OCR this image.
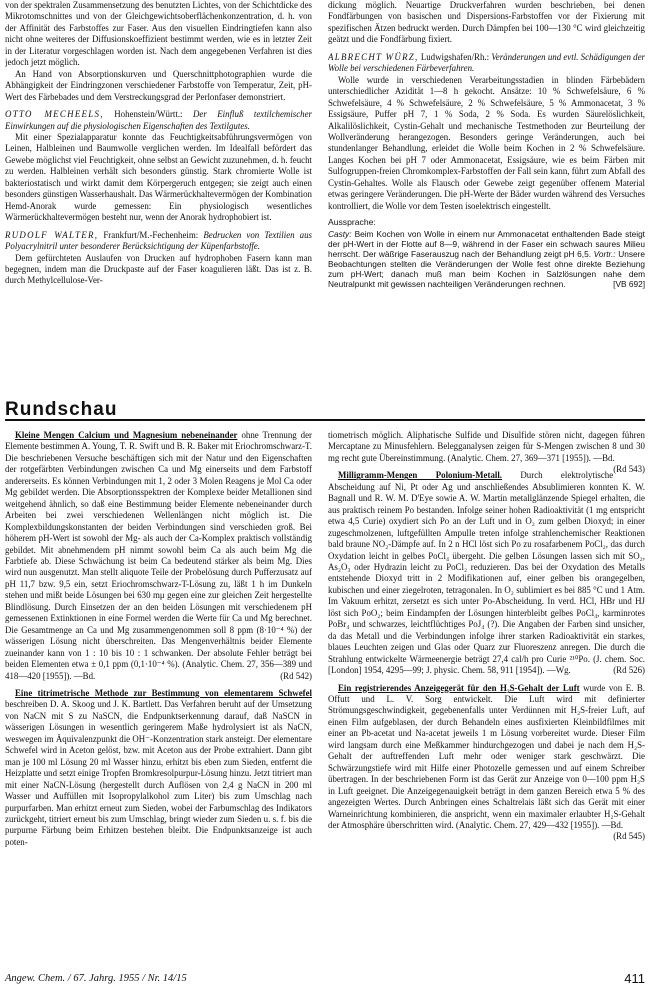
von der spektralen Zusammensetzung des benutzten Lichtes, von der Schichtdicke des Mikrotomschnittes und von der Gleichgewichtsoberflächenkonzentration, d. h. von der Affinität des Farbstoffes zur Faser. Aus den visuellen Eindringtiefen kann also nicht ohne weiteres der Diffusionskoeffizient bestimmt werden, wie es in letzter Zeit in der Literatur vorgeschlagen worden ist. Nach dem angegebenen Verfahren ist dies jedoch jetzt möglich.

An Hand von Absorptionskurven und Querschnittphotographien wurde die Abhängigkeit der Eindringzonen verschiedener Farbstoffe von Temperatur, Zeit, pH-Wert des Färbebades und dem Verstreckungsgrad der Perlonfaser demonstriert.

OTTO MECHEELS, Hohenstein/Württ.: Der Einfluß textilchemischer Einwirkungen auf die physiologischen Eigenschaften des Textilgutes.

Mit einer Spezialapparatur konnte das Feuchtigkeitsabführungsvermögen von Leinen, Halbleinen und Baumwolle verglichen werden. Im Idealfall befördert das Gewebe möglichst viel Feuchtigkeit, ohne selbst an Gewicht zuzunehmen, d. h. feucht zu werden. Halbleinen verhält sich besonders günstig. Stark chromierte Wolle ist bakteriostatisch und wirkt damit dem Körpergeruch entgegen; sie zeigt auch einen besonders günstigen Wasserhaushalt. Das Wärmerückhaltevermögen der Kombination Hemd-Anorak wurde gemessen: Ein physiologisch wesentliches Wärmerückhaltevermögen besteht nur, wenn der Anorak hydrophobiert ist.

RUDOLF WALTER, Frankfurt/M.-Fechenheim: Bedrucken von Textilien aus Polyacrylnitril unter besonderer Berücksichtigung der Küpenfarbstoffe.

Dem gefürchteten Auslaufen von Drucken auf hydrophoben Fasern kann man begegnen, indem man die Druckpaste auf der Faser koagulieren läßt. Das ist z. B. durch Methylcellulose-Ver-

dickung möglich. Neuartige Druckverfahren wurden beschrieben, bei denen Fondfärbungen von basischen und Dispersions-Farbstoffen vor der Fixierung mit spezifischen Ätzen bedruckt werden. Durch Dämpfen bei 100—130 °C wird gleichzeitig geätzt und die Fondfärbung fixiert.

ALBRECHT WÜRZ, Ludwigshafen/Rh.: Veränderungen und evtl. Schädigungen der Wolle bei verschiedenen Färbeverfahren.

Wolle wurde in verschiedenen Verarbeitungsstadien in blinden Färbebädern unterschiedlicher Azidität 1—8 h gekocht. Ansätze: 10 % Schwefelsäure, 6 % Schwefelsäure, 4 % Schwefelsäure, 2 % Schwefelsäure, 5 % Ammonacetat, 3 % Essigsäure, Puffer pH 7, 1 % Soda, 2 % Soda. Es wurden Säurelöslichkeit, Alkalilöslichkeit, Cystin-Gehalt und mechanische Testmethoden zur Beurteilung der Wollveränderung herangezogen. Besonders geringe Veränderungen, auch bei stundenlanger Behandlung, erleidet die Wolle beim Kochen in 2 % Schwefelsäure. Langes Kochen bei pH 7 oder Ammonacetat, Essigsäure, wie es beim Färben mit Sulfogruppen-freien Chromkomplex-Farbstoffen der Fall sein kann, führt zum Abfall des Cystin-Gehaltes. Wolle als Flausch oder Gewebe zeigt gegenüber offenem Material etwas geringere Veränderungen. Die pH-Werte der Bäder wurden während des Versuches kontrolliert, die Wolle vor dem Testen isoelektrisch eingestellt.

Aussprache:

Casty: Beim Kochen von Wolle in einem nur Ammonacetat enthaltenden Bade steigt der pH-Wert in der Flotte auf 8—9, während in der Faser ein schwach saures Milieu herrscht. Der wäßrige Faserauszug nach der Behandlung zeigt pH 6,5. Vortr.: Unsere Beobachtungen stellten die Veränderungen der Wolle fest ohne direkte Beziehung zum pH-Wert; danach muß man beim Kochen in Salzlösungen nahe dem Neutralpunkt mit gewissen nachteiligen Veränderungen rechnen.	[VB 692]
Rundschau

Kleine Mengen Calcium und Magnesium nebeneinander ohne Trennung der Elemente bestimmen A. Young, T. R. Swift und B. R. Baker mit Eriochromschwarz-T. Die beschriebenen Versuche beschäftigen sich mit der Natur und den Eigenschaften der rotgefärbten Verbindungen zwischen Ca und Mg einerseits und dem Farbstoff andererseits. Es können Verbindungen mit 1, 2 oder 3 Molen Reagens je Mol Ca oder Mg gebildet werden. Die Absorptionsspektren der Komplexe beider Metallionen sind weitgehend ähnlich, so daß eine Bestimmung beider Elemente nebeneinander durch Arbeiten bei zwei verschiedenen Wellenlängen nicht möglich ist. Die Komplexbildungskonstanten der beiden Verbindungen sind verschieden groß. Bei höherem pH-Wert ist sowohl der Mg- als auch der Ca-Komplex praktisch vollständig gebildet. Mit abnehmendem pH nimmt sowohl beim Ca als auch beim Mg die Farbtiefe ab. Diese Schwächung ist beim Ca bedeutend stärker als beim Mg. Dies wird nun ausgenutzt. Man stellt aliquote Teile der Probelösung durch Pufferzusatz auf pH 11,7 bzw. 9,5 ein, setzt Eriochromschwarz-T-Lösung zu, läßt 1 h im Dunkeln stehen und mißt beide Lösungen bei 630 mμ gegen eine zur gleichen Zeit hergestellte Blindlösung. Durch Einsetzen der an den beiden Lösungen mit verschiedenem pH gemessenen Extinktionen in eine Formel werden die Werte für Ca und Mg berechnet. Die Gesamtmenge an Ca und Mg zusammengenommen soll 8 ppm (8·10⁻⁴ %) der wässerigen Lösung nicht überschreiten. Das Mengenverhältnis beider Elemente zueinander kann von 1 : 10 bis 10 : 1 schwanken. Der absolute Fehler beträgt bei beiden Elementen etwa ± 0,1 ppm (0,1·10⁻⁴ %). (Analytic. Chem. 27, 356—389 und 418—420 [1955]). —Bd.	(Rd 542)

Eine titrimetrische Methode zur Bestimmung von elementarem Schwefel beschreiben D. A. Skoog und J. K. Bartlett. Das Verfahren beruht auf der Umsetzung von NaCN mit S zu NaSCN, die Endpunktserkennung darauf, daß NaSCN in wässerigen Lösungen in wesentlich geringerem Maße hydrolysiert ist als NaCN, weswegen im Äquivalenzpunkt die OH⁻-Konzentration stark ansteigt. Der elementare Schwefel wird in Aceton gelöst, bzw. mit Aceton aus der Probe extrahiert. Dann gibt man je 100 ml Lösung 20 ml Wasser hinzu, erhitzt bis eben zum Sieden, entfernt die Heizplatte und setzt einige Tropfen Bromkresolpurpur-Lösung hinzu. Jetzt titriert man mit einer NaCN-Lösung (hergestellt durch Auflösen von 2,4 g NaCN in 200 ml Wasser und Auffüllen mit Isopropylalkohol zum Liter) bis zum Umschlag nach purpurfarben. Man erhitzt erneut zum Sieden, wobei der Farbumschlag des Indikators zurückgeht, titriert erneut bis zum Umschlag, bringt wieder zum Sieden u. s. f. bis die purpurne Färbung beim Erhitzen bestehen bleibt. Die Endpunktsanzeige ist auch poten-

tiometrisch möglich. Aliphatische Sulfide und Disulfide stören nicht, dagegen führen Mercaptane zu Minusfehlern. Belegganalysen zeigen für S-Mengen zwischen 8 und 30 mg recht gute Übereinstimmung. (Analytic. Chem. 27, 369—371 [1955]). —Bd.
(Rd 543)

Milligramm-Mengen Polonium-Metall. Durch elektrolytische Abscheidung auf Ni, Pt oder Ag und anschließendes Absublimieren konnten K. W. Bagnall und R. W. M. D'Eye sowie A. W. Martin metallglänzende Spiegel erhalten, die aus praktisch reinem Po bestanden. Infolge seiner hohen Radioaktivität (1 mg entspricht etwa 4,5 Curie) oxydiert sich Po an der Luft und in O₂ zum gelben Dioxyd; in einer zugeschmolzenen, luftgefüllten Ampulle treten infolge strahlenchemischer Reaktionen bald braune NO₂-Dämpfe auf. In 2 n HCl löst sich Po zu rosafarbenem PoCl₂, das durch Oxydation leicht in gelbes PoCl₄ übergeht. Die gelben Lösungen lassen sich mit SO₂, As₂O₃ oder Hydrazin leicht zu PoCl₂ reduzieren. Das bei der Oxydation des Metalls entstehende Dioxyd tritt in 2 Modifikationen auf, einer gelben bis orangegelben, kubischen und einer ziegelroten, tetragonalen. In O₂ sublimiert es bei 885 °C und 1 Atm. Im Vakuum erhitzt, zersetzt es sich unter Po-Abscheidung. In verd. HCl, HBr und HJ löst sich PoO₂; beim Eindampfen der Lösungen hinterbleibt gelbes PoCl₄, karminrotes PoBr₄ und schwarzes, leichtflüchtiges PoJ₄ (?). Die Angaben der Farben sind unsicher, da das Metall und die Verbindungen infolge ihrer starken Radioaktivität ein starkes, blaues Leuchten zeigen und Glas oder Quarz zur Fluoreszenz anregen. Die durch die Strahlung entwickelte Wärmeenergie beträgt 27,4 cal/h pro Curie ²¹⁰Po. (J. chem. Soc. [London] 1954, 4295—99; J. physic. Chem. 58, 911 [1954]). —Wg.	(Rd 526)

Ein registrierendes Anzeigegerät für den H₂S-Gehalt der Luft wurde von E. B. Offutt und L. V. Sorg entwickelt. Die Luft wird mit definierter Strömungsgeschwindigkeit, gegebenenfalls unter Verdünnen mit H₂S-freier Luft, auf einen Film aufgeblasen, der durch Behandeln eines ausfixierten Kleinbildfilmes mit einer an Pb-acetat und Na-acetat jeweils 1 m Lösung vorbereitet wurde. Dieser Film wird langsam durch eine Meßkammer hindurchgezogen und dabei je nach dem H₂S-Gehalt der auftreffenden Luft mehr oder weniger stark geschwärzt. Die Schwärzungstiefe wird mit Hilfe einer Photozelle gemessen und auf einem Schreiber übertragen. In der beschriebenen Form ist das Gerät zur Anzeige von 0—100 ppm H₂S in Luft geeignet. Die Anzeigegenauigkeit beträgt in dem ganzen Bereich etwa 5 % des angezeigten Wertes. Durch Anbringen eines Schaltrelais läßt sich das Gerät mit einer Warneinrichtung kombinieren, die anspricht, wenn ein maximaler erlaubter H₂S-Gehalt der Atmosphäre überschritten wird. (Analytic. Chem. 27, 429—432 [1955]). —Bd.
(Rd 545)

Angew. Chem. / 67. Jahrg. 1955 / Nr. 14/15	411
